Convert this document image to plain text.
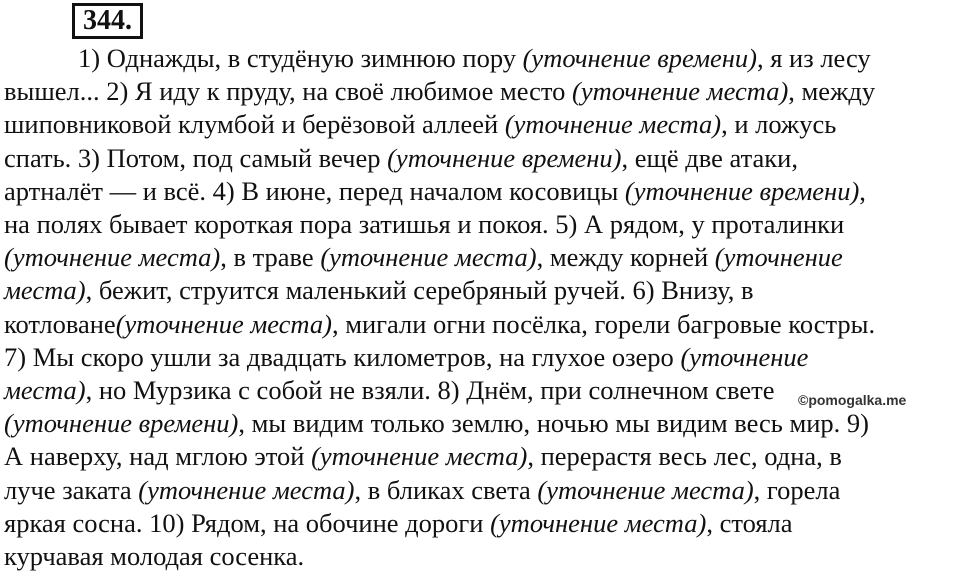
344.
1) Однажды, в студёную зимнюю пору (уточнение времени), я из лесу
вышел... 2) Я иду к пруду, на своё любимое место (уточнение места), между
шиповниковой клумбой и берёзовой аллеей (уточнение места), и ложусь
спать. 3) Потом, под самый вечер (уточнение времени), ещё две атаки,
артналёт — и всё. 4) В июне, перед началом косовицы (уточнение времени),
на полях бывает короткая пора затишья и покоя. 5) А рядом, у проталинки
(уточнение места), в траве (уточнение места), между корней (уточнение
места), бежит, струится маленький серебряный ручей. 6) Внизу, в
котловане(уточнение места), мигали огни посёлка, горели багровые костры.
7) Мы скоро ушли за двадцать километров, на глухое озеро (уточнение
места), но Мурзика с собой не взяли. 8) Днём, при солнечном свете
(уточнение времени), мы видим только землю, ночью мы видим весь мир. 9)
А наверху, над мглою этой (уточнение места), перерастя весь лес, одна, в
луче заката (уточнение места), в бликах света (уточнение места), горела
яркая сосна. 10) Рядом, на обочине дороги (уточнение места), стояла
курчавая молодая сосенка.
©pomogalka.me
